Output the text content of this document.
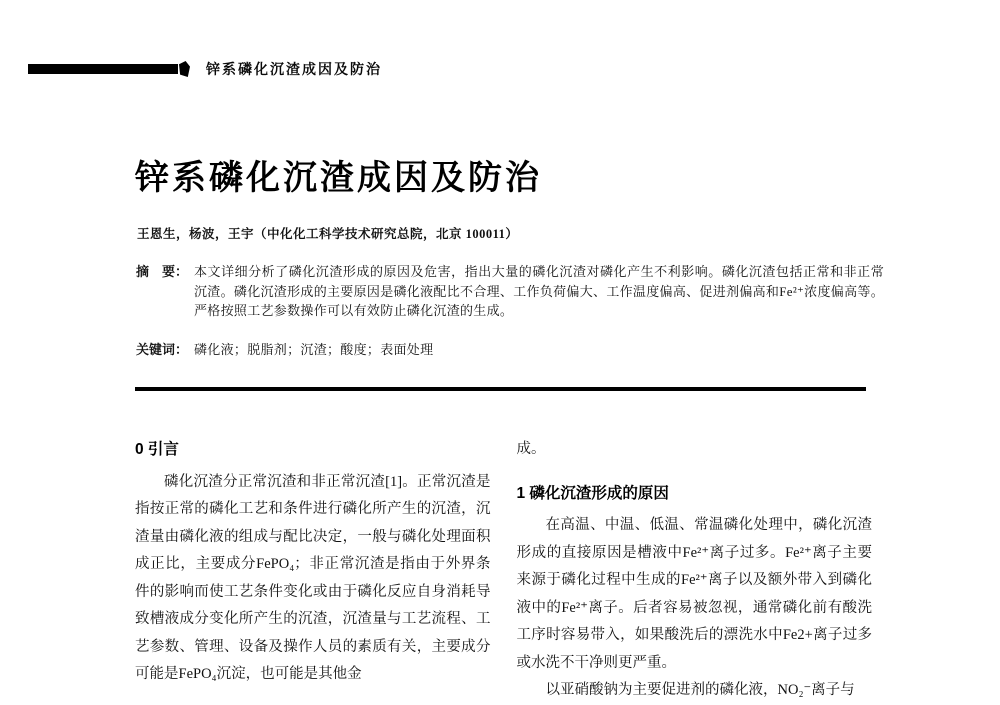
锌系磷化沉渣成因及防治
锌系磷化沉渣成因及防治
王恩生，杨波，王宇（中化化工科学技术研究总院，北京 100011）
摘　要： 本文详细分析了磷化沉渣形成的原因及危害，指出大量的磷化沉渣对磷化产生不利影响。磷化沉渣包括正常和非正常沉渣。磷化沉渣形成的主要原因是磷化液配比不合理、工作负荷偏大、工作温度偏高、促进剂偏高和Fe²⁺浓度偏高等。严格按照工艺参数操作可以有效防止磷化沉渣的生成。
关键词： 磷化液；脱脂剂；沉渣；酸度；表面处理
0 引言

磷化沉渣分正常沉渣和非正常沉渣[1]。正常沉渣是指按正常的磷化工艺和条件进行磷化所产生的沉渣，沉渣量由磷化液的组成与配比决定，一般与磷化处理面积成正比，主要成分FePO₄；非正常沉渣是指由于外界条件的影响而使工艺条件变化或由于磷化反应自身消耗导致槽液成分变化所产生的沉渣，沉渣量与工艺流程、工艺参数、管理、设备及操作人员的素质有关，主要成分可能是FePO₄沉淀，也可能是其他金

成。

1 磷化沉渣形成的原因

在高温、中温、低温、常温磷化处理中，磷化沉渣形成的直接原因是槽液中Fe²⁺离子过多。Fe²⁺离子主要来源于磷化过程中生成的Fe²⁺离子以及额外带入到磷化液中的Fe²⁺离子。后者容易被忽视，通常磷化前有酸洗工序时容易带入，如果酸洗后的漂洗水中Fe2+离子过多或水洗不干净则更严重。

以亚硝酸钠为主要促进剂的磷化液，NO₂⁻离子与
